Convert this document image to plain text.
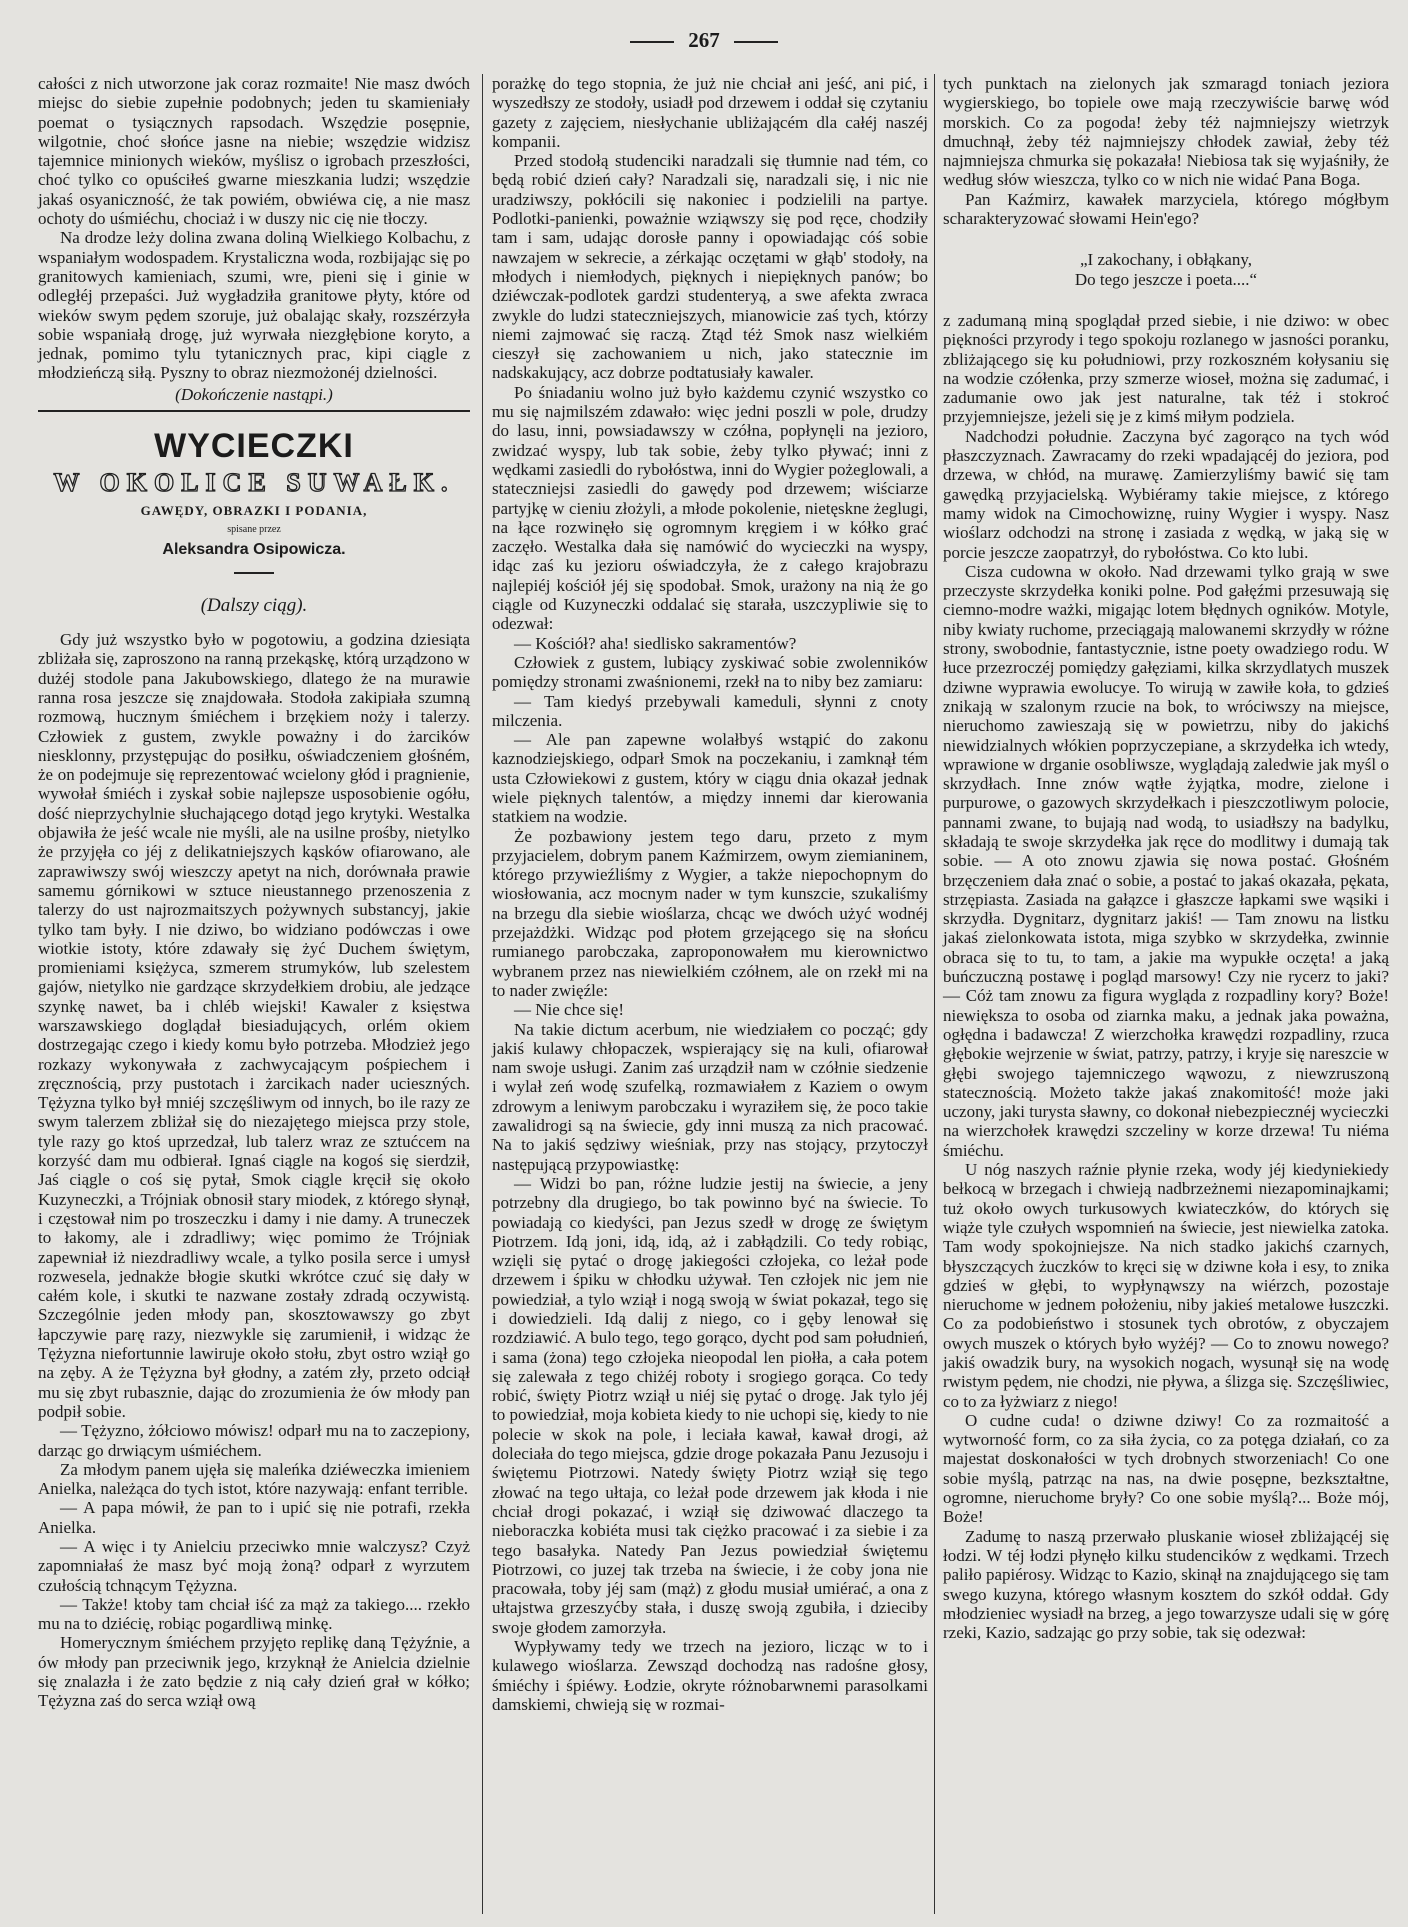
267

całości z nich utworzone jak coraz rozmaite! Nie masz dwóch miejsc do siebie zupełnie podobnych; jeden tu skamieniały poemat o tysiącznych rapsodach. Wszędzie posępnie, wilgotnie, choć słońce jasne na niebie; wszędzie widzisz tajemnice minionych wieków, myślisz o igrobach przeszłości, choć tylko co opuściłeś gwarne mieszkania ludzi; wszędzie jakaś osyaniczność, że tak powiém, obwiéwa cię, a nie masz ochoty do uśmiéchu, chociaż i w duszy nic cię nie tłoczy.

Na drodze leży dolina zwana doliną Wielkiego Kolbachu, z wspaniałym wodospadem. Krystaliczna woda, rozbijając się po granitowych kamieniach, szumi, wre, pieni się i ginie w odległéj przepaści. Już wygładziła granitowe płyty, które od wieków swym pędem szoruje, już obalając skały, rozszérzyła sobie wspaniałą drogę, już wyrwała niezgłębione koryto, a jednak, pomimo tylu tytanicznych prac, kipi ciągle z młodzieńczą siłą. Pyszny to obraz niezmożonéj dzielności.

(Dokończenie nastąpi.)

WYCIECZKI
W OKOLICE SUWAŁK.
GAWĘDY, OBRAZKI I PODANIA,
spisane przez
Aleksandra Osipowicza.
(Dalszy ciąg).

Gdy już wszystko było w pogotowiu, a godzina dziesiąta zbliżała się, zaproszono na ranną przekąskę, którą urządzono w dużéj stodole pana Jakubowskiego, dlatego że na murawie ranna rosa jeszcze się znajdowała. Stodoła zakipiała szumną rozmową, hucznym śmiéchem i brzękiem noży i talerzy. Człowiek z gustem, zwykle poważny i do żarcików niesklonny, przystępując do posiłku, oświadczeniem głośném, że on podejmuje się reprezentować wcielony głód i pragnienie, wywołał śmiéch i zyskał sobie najlepsze usposobienie ogółu, dość nieprzychylnie słuchającego dotąd jego krytyki. Westalka objawiła że jeść wcale nie myśli, ale na usilne prośby, nietylko że przyjęła co jéj z delikatniejszych kąsków ofiarowano, ale zaprawiwszy swój wieszczy apetyt na nich, dorównała prawie samemu górnikowi w sztuce nieustannego przenoszenia z talerzy do ust najrozmaitszych pożywnych substancyj, jakie tylko tam były. I nie dziwo, bo widziano podówczas i owe wiotkie istoty, które zdawały się żyć Duchem świętym, promieniami księżyca, szmerem strumyków, lub szelestem gajów, nietylko nie gardzące skrzydełkiem drobiu, ale jedzące szynkę nawet, ba i chléb wiejski! Kawaler z księstwa warszawskiego doglądał biesiadujących, orlém okiem dostrzegając czego i kiedy komu było potrzeba. Młodzież jego rozkazy wykonywała z zachwycającym pośpiechem i zręcznością, przy pustotach i żarcikach nader ucieszných. Tężyzna tylko był mniéj szczęśliwym od innych, bo ile razy ze swym talerzem zbliżał się do niezajętego miejsca przy stole, tyle razy go ktoś uprzedzał, lub talerz wraz ze sztućcem na korzyść dam mu odbierał. Ignaś ciągle na kogoś się sierdził, Jaś ciągle o coś się pytał, Smok ciągle kręcił się około Kuzyneczki, a Trójniak obnosił stary miodek, z którego słynął, i częstował nim po troszeczku i damy i nie damy. A truneczek to łakomy, ale i zdradliwy; więc pomimo że Trójniak zapewniał iż niezdradliwy wcale, a tylko posila serce i umysł rozwesela, jednakże błogie skutki wkrótce czuć się dały w całém kole, i skutki te nazwane zostały zdradą oczywistą. Szczególnie jeden młody pan, skosztowawszy go zbyt łapczywie parę razy, niezwykle się zarumienił, i widząc że Tężyzna niefortunnie lawiruje około stołu, zbyt ostro wziął go na zęby. A że Tężyzna był głodny, a zatém zły, przeto odciął mu się zbyt rubasznie, dając do zrozumienia że ów młody pan podpił sobie.

— Tężyzno, żółciowo mówisz! odparł mu na to zaczepiony, darząc go drwiącym uśmiéchem.

Za młodym panem ujęła się maleńka dziéweczka imieniem Anielka, należąca do tych istot, które nazywają: enfant terrible.

— A papa mówił, że pan to i upić się nie potrafi, rzekła Anielka.

— A więc i ty Anielciu przeciwko mnie walczysz? Czyż zapomniałaś że masz być moją żoną? odparł z wyrzutem czułością tchnącym Tężyzna.

— Także! ktoby tam chciał iść za mąż za takiego.... rzekło mu na to dziécię, robiąc pogardliwą minkę.

Homerycznym śmiéchem przyjęto replikę daną Tężyźnie, a ów młody pan przeciwnik jego, krzyknął że Anielcia dzielnie się znalazła i że zato będzie z nią cały dzień grał w kółko; Tężyzna zaś do serca wziął ową

porażkę do tego stopnia, że już nie chciał ani jeść, ani pić, i wyszedłszy ze stodoły, usiadł pod drzewem i oddał się czytaniu gazety z zajęciem, niesłychanie ubliżającém dla całéj naszéj kompanii.

Przed stodołą studenciki naradzali się tłumnie nad tém, co będą robić dzień cały? Naradzali się, naradzali się, i nic nie uradziwszy, pokłócili się nakoniec i podzielili na partye. Podlotki-panienki, poważnie wziąwszy się pod ręce, chodziły tam i sam, udając dorosłe panny i opowiadając cóś sobie nawzajem w sekrecie, a zérkając oczętami w głąb' stodoły, na młodych i niemłodych, pięknych i niepięknych panów; bo dziéwczak-podlotek gardzi studenteryą, a swe afekta zwraca zwykle do ludzi stateczniejszych, mianowicie zaś tych, którzy niemi zajmować się raczą. Ztąd téż Smok nasz wielkiém cieszył się zachowaniem u nich, jako statecznie im nadskakujący, acz dobrze podtatusiały kawaler.

Po śniadaniu wolno już było każdemu czynić wszystko co mu się najmilszém zdawało: więc jedni poszli w pole, drudzy do lasu, inni, powsiadawszy w czółna, popłynęli na jezioro, zwidzać wyspy, lub tak sobie, żeby tylko pływać; inni z wędkami zasiedli do rybołóstwa, inni do Wygier pożeglowali, a stateczniejsi zasiedli do gawędy pod drzewem; wiściarze partyjkę w cieniu złożyli, a młode pokolenie, nietęskne żeglugi, na łące rozwinęło się ogromnym kręgiem i w kółko grać zaczęło. Westalka dała się namówić do wycieczki na wyspy, idąc zaś ku jezioru oświadczyła, że z całego krajobrazu najlepiéj kościół jéj się spodobał. Smok, urażony na nią że go ciągle od Kuzyneczki oddalać się starała, uszczypliwie się to odezwał:

— Kościół? aha! siedlisko sakramentów?

Człowiek z gustem, lubiący zyskiwać sobie zwolenników pomiędzy stronami zwaśnionemi, rzekł na to niby bez zamiaru:

— Tam kiedyś przebywali kameduli, słynni z cnoty milczenia.

— Ale pan zapewne wolałbyś wstąpić do zakonu kaznodziejskiego, odparł Smok na poczekaniu, i zamknął tém usta Człowiekowi z gustem, który w ciągu dnia okazał jednak wiele pięknych talentów, a między innemi dar kierowania statkiem na wodzie.

Że pozbawiony jestem tego daru, przeto z mym przyjacielem, dobrym panem Kaźmirzem, owym ziemianinem, którego przywieźliśmy z Wygier, a także niepochopnym do wiosłowania, acz mocnym nader w tym kunszcie, szukaliśmy na brzegu dla siebie wioślarza, chcąc we dwóch użyć wodnéj przejażdżki. Widząc pod płotem grzejącego się na słońcu rumianego parobczaka, zaproponowałem mu kierownictwo wybranem przez nas niewielkiém czółnem, ale on rzekł mi na to nader zwięźle:

— Nie chce się!

Na takie dictum acerbum, nie wiedziałem co począć; gdy jakiś kulawy chłopaczek, wspierający się na kuli, ofiarował nam swoje usługi. Zanim zaś urządził nam w czółnie siedzenie i wylał zeń wodę szufelką, rozmawiałem z Kaziem o owym zdrowym a leniwym parobczaku i wyraziłem się, że poco takie zawalidrogi są na świecie, gdy inni muszą za nich pracować. Na to jakiś sędziwy wieśniak, przy nas stojący, przytoczył następującą przypowiastkę:

— Widzi bo pan, różne ludzie jestij na świecie, a jeny potrzebny dla drugiego, bo tak powinno być na świecie. To powiadają co kiedyści, pan Jezus szedł w drogę ze świętym Piotrzem. Idą joni, idą, idą, aż i zabłądzili. Co tedy robiąc, wzięli się pytać o drogę jakiegości człojeka, co leżał pode drzewem i śpiku w chłodku używał. Ten człojek nic jem nie powiedział, a tylo wziął i nogą swoją w świat pokazał, tego się i dowiedzieli. Idą dalij z niego, co i gęby lenował się rozdziawić. A bulo tego, tego gorąco, dycht pod sam południeń, i sama (żona) tego człojeka nieopodal len piołła, a cała potem się zalewała z tego chiżéj roboty i srogiego gorąca. Co tedy robić, święty Piotrz wziął u niéj się pytać o drogę. Jak tylo jéj to powiedział, moja kobieta kiedy to nie uchopi się, kiedy to nie polecie w skok na pole, i leciała kawał, kawał drogi, aż doleciała do tego miejsca, gdzie droge pokazała Panu Jezusoju i świętemu Piotrzowi. Natedy święty Piotrz wziął się tego złować na tego ułtaja, co leżał pode drzewem jak kłoda i nie chciał drogi pokazać, i wziął się dziwować dlaczego ta nieboraczka kobiéta musi tak ciężko pracować i za siebie i za tego basałyka. Natedy Pan Jezus powiedział świętemu Piotrzowi, co juzej tak trzeba na świecie, i że coby jona nie pracowała, toby jéj sam (mąż) z głodu musiał umiérać, a ona z ułtajstwa grzeszyćby stała, i duszę swoją zgubiła, i dzieciby swoje głodem zamorzyła.

Wypływamy tedy we trzech na jezioro, licząc w to i kulawego wioślarza. Zewsząd dochodzą nas radośne głosy, śmiéchy i śpiéwy. Łodzie, okryte różnobarwnemi parasolkami damskiemi, chwieją się w rozmai-

tych punktach na zielonych jak szmaragd toniach jeziora wygierskiego, bo topiele owe mają rzeczywiście barwę wód morskich. Co za pogoda! żeby téż najmniejszy wietrzyk dmuchnął, żeby téż najmniejszy chłodek zawiał, żeby téż najmniejsza chmurka się pokazała! Niebiosa tak się wyjaśniły, że według słów wieszcza, tylko co w nich nie widać Pana Boga.

Pan Kaźmirz, kawałek marzyciela, którego mógłbym scharakteryzować słowami Hein'ego?

„I zakochany, i obłąkany,
Do tego jeszcze i poeta....“

z zadumaną miną spoglądał przed siebie, i nie dziwo: w obec piękności przyrody i tego spokoju rozlanego w jasności poranku, zbliżającego się ku południowi, przy rozkoszném kołysaniu się na wodzie czółenka, przy szmerze wioseł, można się zadumać, i zadumanie owo jak jest naturalne, tak téż i stokroć przyjemniejsze, jeżeli się je z kimś miłym podziela.

Nadchodzi południe. Zaczyna być zagorąco na tych wód płaszczyznach. Zawracamy do rzeki wpadającéj do jeziora, pod drzewa, w chłód, na murawę. Zamierzyliśmy bawić się tam gawędką przyjacielską. Wybiéramy takie miejsce, z którego mamy widok na Cimochowiznę, ruiny Wygier i wyspy. Nasz wioślarz odchodzi na stronę i zasiada z wędką, w jaką się w porcie jeszcze zaopatrzył, do rybołóstwa. Co kto lubi.

Cisza cudowna w około. Nad drzewami tylko grają w swe przeczyste skrzydełka koniki polne. Pod gałęźmi przesuwają się ciemno-modre ważki, migając lotem błędnych ogników. Motyle, niby kwiaty ruchome, przeciągają malowanemi skrzydły w różne strony, swobodnie, fantastycznie, istne poety owadziego rodu. W łuce przezroczéj pomiędzy gałęziami, kilka skrzydlatych muszek dziwne wyprawia ewolucye. To wirują w zawiłe koła, to gdzieś znikają w szalonym rzucie na bok, to wróciwszy na miejsce, nieruchomo zawieszają się w powietrzu, niby do jakichś niewidzialnych włókien poprzyczepiane, a skrzydełka ich wtedy, wprawione w drganie osobliwsze, wyglądają zaledwie jak myśl o skrzydłach. Inne znów wątłe żyjątka, modre, zielone i purpurowe, o gazowych skrzydełkach i pieszczotliwym polocie, pannami zwane, to bujają nad wodą, to usiadłszy na badylku, składają te swoje skrzydełka jak ręce do modlitwy i dumają tak sobie. — A oto znowu zjawia się nowa postać. Głośném brzęczeniem dała znać o sobie, a postać to jakaś okazała, pękata, strzępiasta. Zasiada na gałązce i głaszcze łapkami swe wąsiki i skrzydła. Dygnitarz, dygnitarz jakiś! — Tam znowu na listku jakaś zielonkowata istota, miga szybko w skrzydełka, zwinnie obraca się to tu, to tam, a jakie ma wypukłe oczęta! a jaką buńczuczną postawę i pogląd marsowy! Czy nie rycerz to jaki? — Cóż tam znowu za figura wygląda z rozpadliny kory? Boże! niewiększa to osoba od ziarnka maku, a jednak jaka poważna, ogłędna i badawcza! Z wierzchołka krawędzi rozpadliny, rzuca głębokie wejrzenie w świat, patrzy, patrzy, i kryje się nareszcie w głębi swojego tajemniczego wąwozu, z niewzruszoną statecznością. Możeto także jakaś znakomitość! może jaki uczony, jaki turysta sławny, co dokonał niebezpiecznéj wycieczki na wierzchołek krawędzi szczeliny w korze drzewa! Tu niéma śmiéchu.

U nóg naszych raźnie płynie rzeka, wody jéj kiedyniekiedy bełkocą w brzegach i chwieją nadbrzeżnemi niezapominajkami; tuż około owych turkusowych kwiateczków, do których się wiąże tyle czułych wspomnień na świecie, jest niewielka zatoka. Tam wody spokojniejsze. Na nich stadko jakichś czarnych, błyszczących żuczków to kręci się w dziwne koła i esy, to znika gdzieś w głębi, to wypłynąwszy na wiérzch, pozostaje nieruchome w jednem położeniu, niby jakieś metalowe łuszczki. Co za podobieństwo i stosunek tych obrotów, z obyczajem owych muszek o których było wyżéj? — Co to znowu nowego? jakiś owadzik bury, na wysokich nogach, wysunął się na wodę rwistym pędem, nie chodzi, nie pływa, a ślizga się. Szczęśliwiec, co to za łyżwiarz z niego!

O cudne cuda! o dziwne dziwy! Co za rozmaitość a wytworność form, co za siła życia, co za potęga działań, co za majestat doskonałości w tych drobnych stworzeniach! Co one sobie myślą, patrząc na nas, na dwie posępne, bezkształtne, ogromne, nieruchome bryły? Co one sobie myślą?... Boże mój, Boże!

Zadumę to naszą przerwało pluskanie wioseł zbliżającéj się łodzi. W téj łodzi płynęło kilku studencików z wędkami. Trzech paliło papiérosy. Widząc to Kazio, skinął na znajdującego się tam swego kuzyna, którego własnym kosztem do szkół oddał. Gdy młodzieniec wysiadł na brzeg, a jego towarzysze udali się w górę rzeki, Kazio, sadzając go przy sobie, tak się odezwał:
